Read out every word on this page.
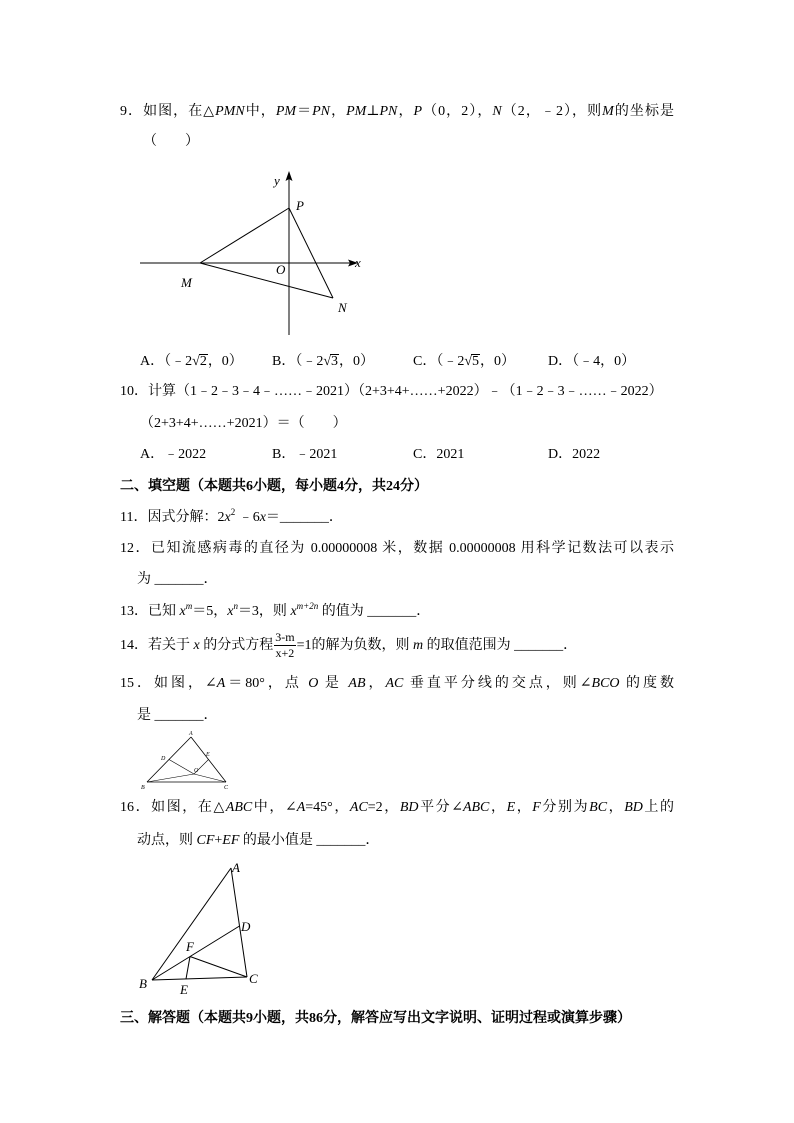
9．如图，在△PMN中，PM＝PN，PM⊥PN，P（0，2），N（2，﹣2），则M的坐标是
（　　）
y
x
P
O
M
N
A．（﹣2√2，0） B．（﹣2√3，0）	C．（﹣2√5，0） D．（﹣4，0）
10．计算（1﹣2﹣3﹣4﹣……﹣2021）（2+3+4+……+2022）﹣（1﹣2﹣3﹣……﹣2022）
（2+3+4+……+2021）＝（　　）
A．﹣2022	B．﹣2021	C．2021	D．2022
二、填空题（本题共6小题，每小题4分，共24分）
11．因式分解：$2x^2$ ﹣6x＝_______．
12．已知流感病毒的直径为 0.00000008 米，数据 0.00000008 用科学记数法可以表示
为 _______．
13．已知 $x^m=5$，$x^n=3$，则 $x^{m+2n}$ 的值为 _______．
14．若关于 x 的分式方程 $\frac{3-m}{x+2} =1$的解为负数，则 m 的取值范围为 _______．
15．如图，∠A＝80°，点 O 是 AB，AC 垂直平分线的交点，则∠BCO 的度数
是 _______．
A
D
E
O
B	C
16．如图，在△ABC中，∠A=45°，AC=2，BD平分∠ABC，E，F分别为BC，BD上的
动点，则 CF+EF 的最小值是 _______．
A
D
F
C
B	E
三、解答题（本题共9小题，共86分，解答应写出文字说明、证明过程或演算步骤）
